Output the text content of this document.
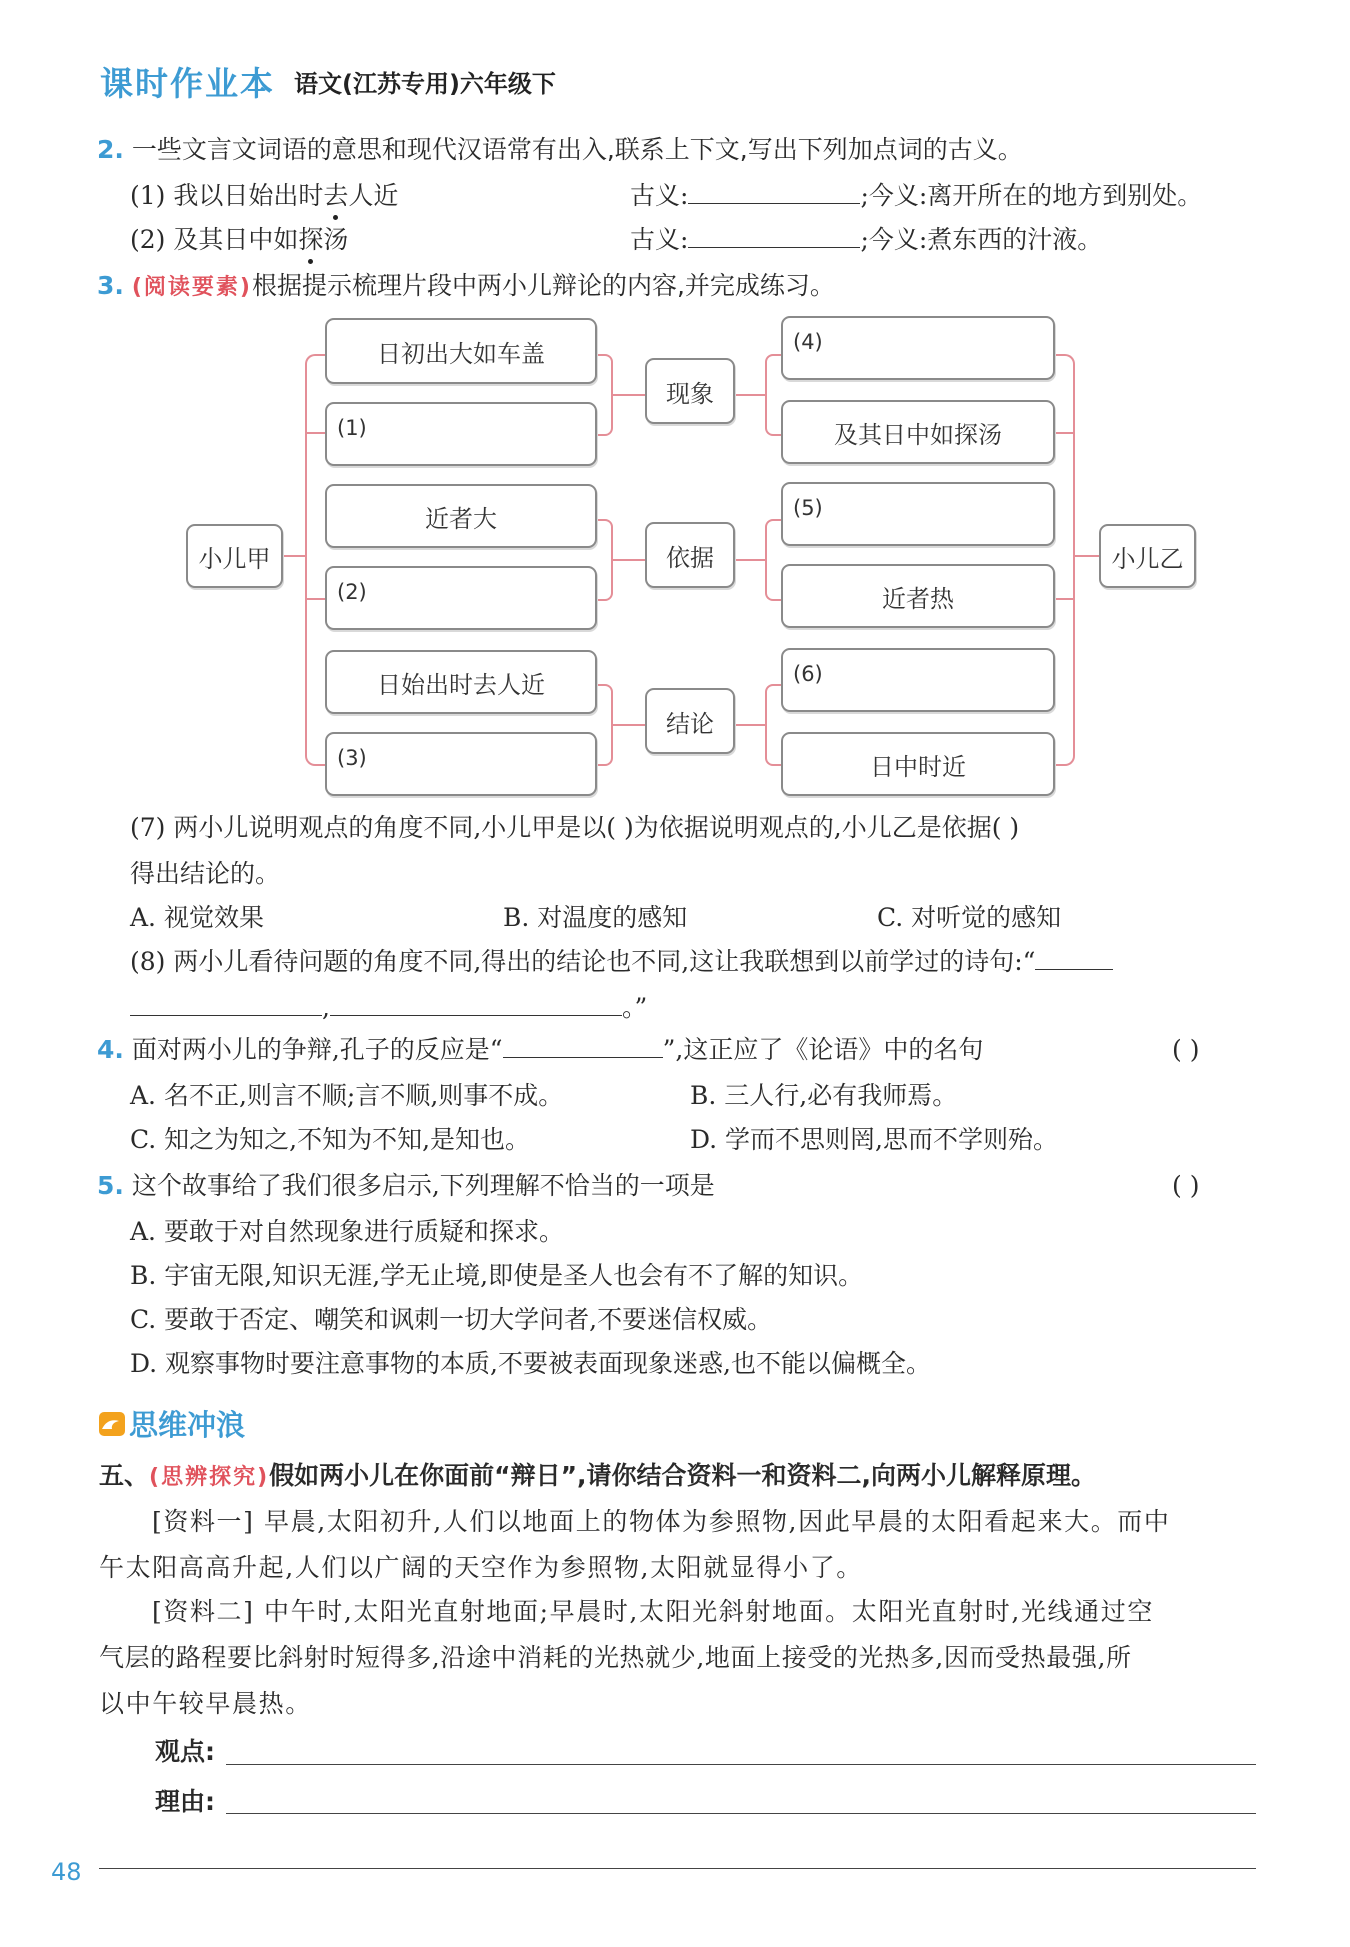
课时作业本 语文(江苏专用)六年级下
2. 一些文言文词语的意思和现代汉语常有出入,联系上下文,写出下列加点词的古义。
(1) 我以日始出时去人近	古义:	;今义:离开所在的地方到别处。
(2) 及其日中如探汤	古义:	;今义:煮东西的汁液。
3. (阅读要素)根据提示梳理片段中两小儿辩论的内容,并完成练习。
小儿甲	小儿乙
日初出大如车盖
(1)
近者大
(2)
日始出时去人近
(3)
现象
依据
结论
(4)
及其日中如探汤
(5)
近者热
(6)
日中时近
(7) 两小儿说明观点的角度不同,小儿甲是以( )为依据说明观点的,小儿乙是依据( )
得出结论的。
A. 视觉效果	B. 对温度的感知	C. 对听觉的感知
(8) 两小儿看待问题的角度不同,得出的结论也不同,这让我联想到以前学过的诗句:“
,	。”
4. 面对两小儿的争辩,孔子的反应是“	”,这正应了《论语》中的名句	( )
A. 名不正,则言不顺;言不顺,则事不成。	B. 三人行,必有我师焉。
C. 知之为知之,不知为不知,是知也。	D. 学而不思则罔,思而不学则殆。
5. 这个故事给了我们很多启示,下列理解不恰当的一项是	( )
A. 要敢于对自然现象进行质疑和探求。
B. 宇宙无限,知识无涯,学无止境,即使是圣人也会有不了解的知识。
C. 要敢于否定、嘲笑和讽刺一切大学问者,不要迷信权威。
D. 观察事物时要注意事物的本质,不要被表面现象迷惑,也不能以偏概全。
思维冲浪
五、(思辨探究)假如两小儿在你面前“辩日”,请你结合资料一和资料二,向两小儿解释原理。
[资料一] 早晨,太阳初升,人们以地面上的物体为参照物,因此早晨的太阳看起来大。而中
午太阳高高升起,人们以广阔的天空作为参照物,太阳就显得小了。
[资料二] 中午时,太阳光直射地面;早晨时,太阳光斜射地面。太阳光直射时,光线通过空
气层的路程要比斜射时短得多,沿途中消耗的光热就少,地面上接受的光热多,因而受热最强,所
以中午较早晨热。
观点:
理由:
48
